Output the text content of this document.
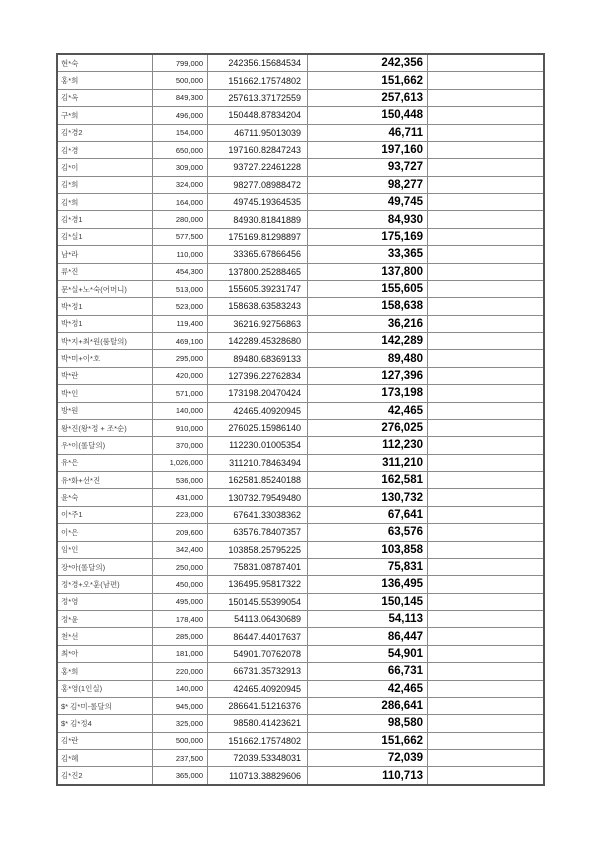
현*숙	799,000	242356.15684534	242,356
홍*희	500,000	151662.17574802	151,662
김*옥	849,300	257613.37172559	257,613
구*희	496,000	150448.87834204	150,448
김*경2	154,000	46711.95013039	46,711
김*경	650,000	197160.82847243	197,160
김*이	309,000	93727.22461228	93,727
김*희	324,000	98277.08988472	98,277
김*희	164,000	49745.19364535	49,745
김*경1	280,000	84930.81841889	84,930
김*실1	577,500	175169.81298897	175,169
남*라	110,000	33365.67866456	33,365
류*진	454,300	137800.25288465	137,800
문*실+노*숙(어머니)	513,000	155605.39231747	155,605
박*정1	523,000	158638.63583243	158,638
박*정1	119,400	36216.92756863	36,216
박*지+최*원(룸탈의)	469,100	142289.45328680	142,289
박*미+이*호	295,000	89480.68369133	89,480
박*란	420,000	127396.22762834	127,396
박*인	571,000	173198.20470424	173,198
방*원	140,000	42465.40920945	42,465
왕*진(왕*정 + 조*순)	910,000	276025.15986140	276,025
우*이(롤달의)	370,000	112230.01005354	112,230
유*은	1,026,000	311210.78463494	311,210
유*화+선*진	536,000	162581.85240188	162,581
윤*숙	431,000	130732.79549480	130,732
이*주1	223,000	67641.33038362	67,641
이*은	209,600	63576.78407357	63,576
임*인	342,400	103858.25795225	103,858
장*아(롤달의)	250,000	75831.08787401	75,831
정*경+오*훈(남편)	450,000	136495.95817322	136,495
정*영	495,000	150145.55399054	150,145
정*윤	178,400	54113.06430689	54,113
천*선	285,000	86447.44017637	86,447
최*아	181,000	54901.70762078	54,901
홍*희	220,000	66731.35732913	66,731
홍*영(1인실)	140,000	42465.40920945	42,465
$* 김*미-롤달의	945,000	286641.51216376	286,641
$* 김*정4	325,000	98580.41423621	98,580
김*란	500,000	151662.17574802	151,662
김*혜	237,500	72039.53348031	72,039
김*진2	365,000	110713.38829606	110,713
